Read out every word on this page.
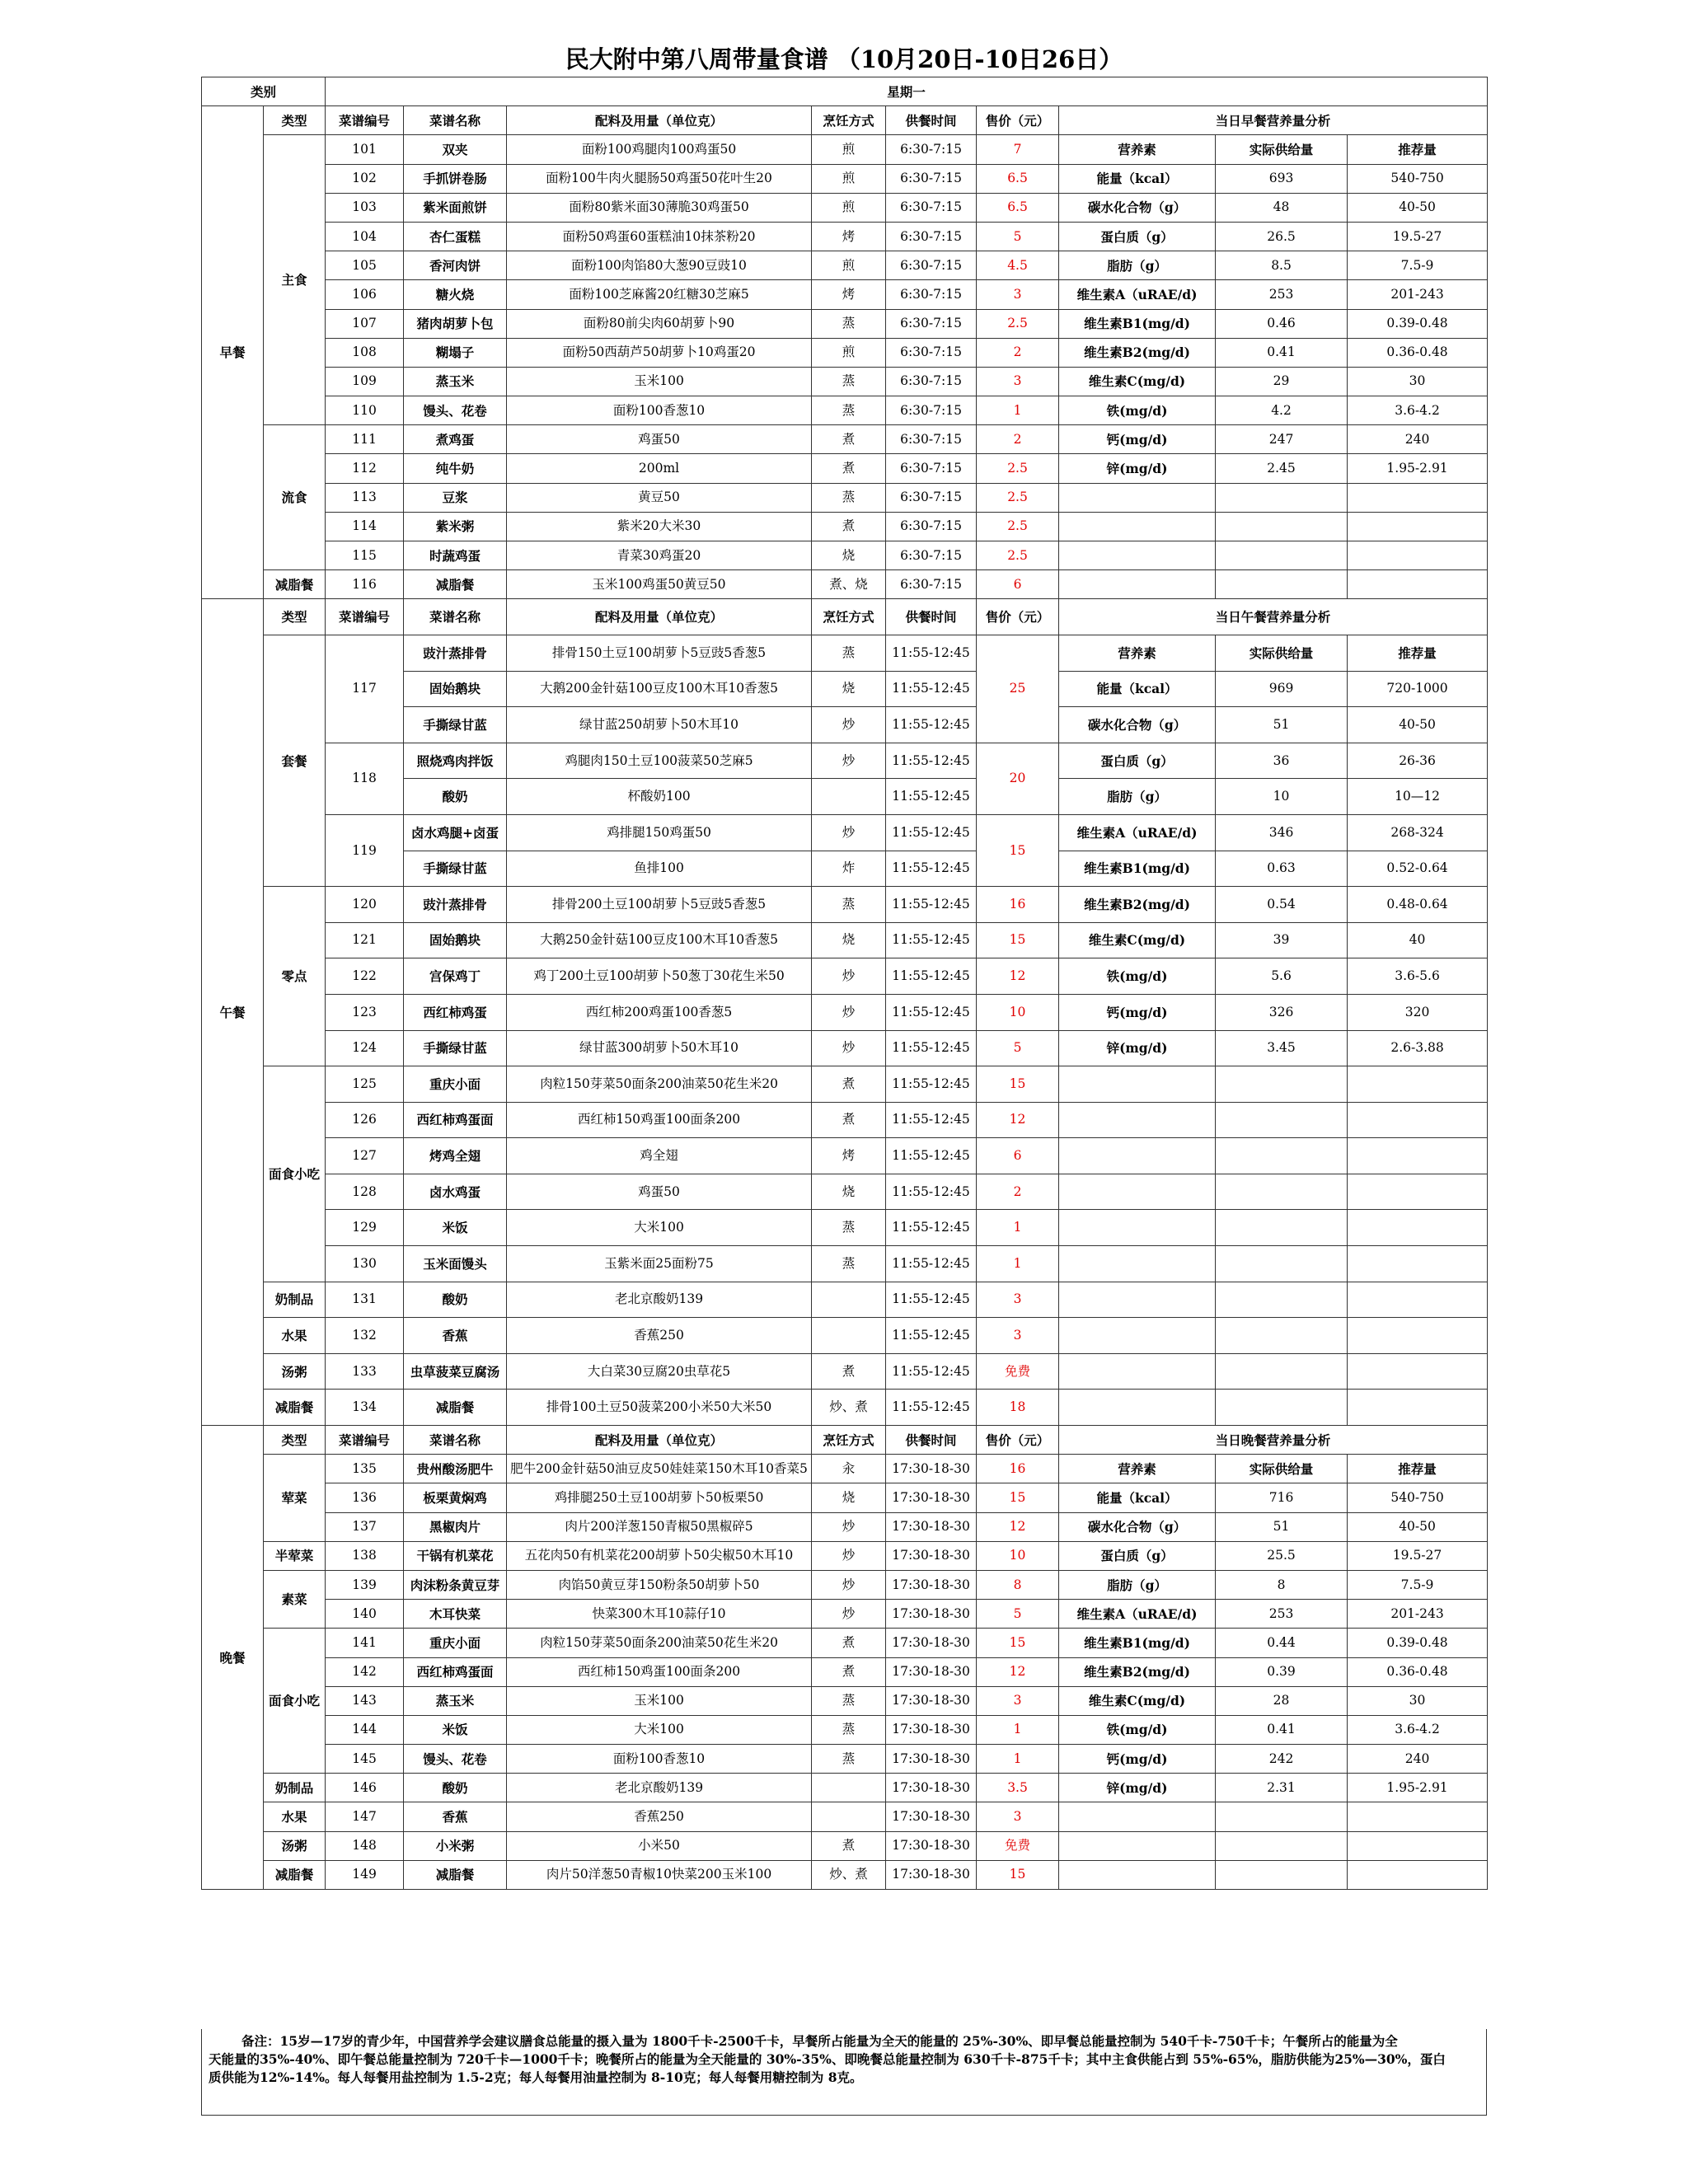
民大附中第八周带量食谱 （10月20日-10日26日）
类别		星期一								
早餐	类型	菜谱编号	菜谱名称	配料及用量（单位克）	烹饪方式	供餐时间	售价（元）	当日早餐营养量分析		
	主食	101	双夹	面粉100鸡腿肉100鸡蛋50	煎	6:30-7:15	7	营养素	实际供给量	推荐量
		102	手抓饼卷肠	面粉100牛肉火腿肠50鸡蛋50花叶生20	煎	6:30-7:15	6.5	能量（kcal）	693	540-750
		103	紫米面煎饼	面粉80紫米面30薄脆30鸡蛋50	煎	6:30-7:15	6.5	碳水化合物（g）	48	40-50
		104	杏仁蛋糕	面粉50鸡蛋60蛋糕油10抹茶粉20	烤	6:30-7:15	5	蛋白质（g）	26.5	19.5-27
		105	香河肉饼	面粉100肉馅80大葱90豆豉10	煎	6:30-7:15	4.5	脂肪（g）	8.5	7.5-9
		106	糖火烧	面粉100芝麻酱20红糖30芝麻5	烤	6:30-7:15	3	维生素A（uRAE/d)	253	201-243
		107	猪肉胡萝卜包	面粉80前尖肉60胡萝卜90	蒸	6:30-7:15	2.5	维生素B1(mg/d)	0.46	0.39-0.48
		108	糊塌子	面粉50西葫芦50胡萝卜10鸡蛋20	煎	6:30-7:15	2	维生素B2(mg/d)	0.41	0.36-0.48
		109	蒸玉米	玉米100	蒸	6:30-7:15	3	维生素C(mg/d)	29	30
		110	馒头、花卷	面粉100香葱10	蒸	6:30-7:15	1	铁(mg/d)	4.2	3.6-4.2
	流食	111	煮鸡蛋	鸡蛋50	煮	6:30-7:15	2	钙(mg/d)	247	240
		112	纯牛奶	200ml	煮	6:30-7:15	2.5	锌(mg/d)	2.45	1.95-2.91
		113	豆浆	黄豆50	蒸	6:30-7:15	2.5			
		114	紫米粥	紫米20大米30	煮	6:30-7:15	2.5			
		115	时蔬鸡蛋	青菜30鸡蛋20	烧	6:30-7:15	2.5			
	减脂餐	116	减脂餐	玉米100鸡蛋50黄豆50	煮、烧	6:30-7:15	6			
午餐	类型	菜谱编号	菜谱名称	配料及用量（单位克）	烹饪方式	供餐时间	售价（元）	当日午餐营养量分析		
	套餐	117	豉汁蒸排骨	排骨150土豆100胡萝卜5豆豉5香葱5	蒸	11:55-12:45	25	营养素	实际供给量	推荐量
			固始鹅块	大鹅200金针菇100豆皮100木耳10香葱5	烧	11:55-12:45		能量（kcal）	969	720-1000
			手撕绿甘蓝	绿甘蓝250胡萝卜50木耳10	炒	11:55-12:45		碳水化合物（g）	51	40-50
		118	照烧鸡肉拌饭	鸡腿肉150土豆100菠菜50芝麻5	炒	11:55-12:45	20	蛋白质（g）	36	26-36
			酸奶	杯酸奶100		11:55-12:45		脂肪（g）	10	10—12
		119	卤水鸡腿+卤蛋	鸡排腿150鸡蛋50	炒	11:55-12:45	15	维生素A（uRAE/d)	346	268-324
			手撕绿甘蓝	鱼排100	炸	11:55-12:45		维生素B1(mg/d)	0.63	0.52-0.64
	零点	120	豉汁蒸排骨	排骨200土豆100胡萝卜5豆豉5香葱5	蒸	11:55-12:45	16	维生素B2(mg/d)	0.54	0.48-0.64
		121	固始鹅块	大鹅250金针菇100豆皮100木耳10香葱5	烧	11:55-12:45	15	维生素C(mg/d)	39	40
		122	宫保鸡丁	鸡丁200土豆100胡萝卜50葱丁30花生米50	炒	11:55-12:45	12	铁(mg/d)	5.6	3.6-5.6
		123	西红柿鸡蛋	西红柿200鸡蛋100香葱5	炒	11:55-12:45	10	钙(mg/d)	326	320
		124	手撕绿甘蓝	绿甘蓝300胡萝卜50木耳10	炒	11:55-12:45	5	锌(mg/d)	3.45	2.6-3.88
	面食小吃	125	重庆小面	肉粒150芽菜50面条200油菜50花生米20	煮	11:55-12:45	15			
		126	西红柿鸡蛋面	西红柿150鸡蛋100面条200	煮	11:55-12:45	12			
		127	烤鸡全翅	鸡全翅	烤	11:55-12:45	6			
		128	卤水鸡蛋	鸡蛋50	烧	11:55-12:45	2			
		129	米饭	大米100	蒸	11:55-12:45	1			
		130	玉米面馒头	玉紫米面25面粉75	蒸	11:55-12:45	1			
	奶制品	131	酸奶	老北京酸奶139		11:55-12:45	3			
	水果	132	香蕉	香蕉250		11:55-12:45	3			
	汤粥	133	虫草菠菜豆腐汤	大白菜30豆腐20虫草花5	煮	11:55-12:45	免费			
	减脂餐	134	减脂餐	排骨100土豆50菠菜200小米50大米50	炒、煮	11:55-12:45	18			
晚餐	类型	菜谱编号	菜谱名称	配料及用量（单位克）	烹饪方式	供餐时间	售价（元）	当日晚餐营养量分析		
	荤菜	135	贵州酸汤肥牛	肥牛200金针菇50油豆皮50娃娃菜150木耳10香菜5	汆	17:30-18-30	16	营养素	实际供给量	推荐量
		136	板栗黄焖鸡	鸡排腿250土豆100胡萝卜50板栗50	烧	17:30-18-30	15	能量（kcal）	716	540-750
		137	黑椒肉片	肉片200洋葱150青椒50黑椒碎5	炒	17:30-18-30	12	碳水化合物（g）	51	40-50
	半荤菜	138	干锅有机菜花	五花肉50有机菜花200胡萝卜50尖椒50木耳10	炒	17:30-18-30	10	蛋白质（g）	25.5	19.5-27
	素菜	139	肉沫粉条黄豆芽	肉馅50黄豆芽150粉条50胡萝卜50	炒	17:30-18-30	8	脂肪（g）	8	7.5-9
		140	木耳快菜	快菜300木耳10蒜仔10	炒	17:30-18-30	5	维生素A（uRAE/d)	253	201-243
	面食小吃	141	重庆小面	肉粒150芽菜50面条200油菜50花生米20	煮	17:30-18-30	15	维生素B1(mg/d)	0.44	0.39-0.48
		142	西红柿鸡蛋面	西红柿150鸡蛋100面条200	煮	17:30-18-30	12	维生素B2(mg/d)	0.39	0.36-0.48
		143	蒸玉米	玉米100	蒸	17:30-18-30	3	维生素C(mg/d)	28	30
		144	米饭	大米100	蒸	17:30-18-30	1	铁(mg/d)	0.41	3.6-4.2
		145	馒头、花卷	面粉100香葱10	蒸	17:30-18-30	1	钙(mg/d)	242	240
	奶制品	146	酸奶	老北京酸奶139		17:30-18-30	3.5	锌(mg/d)	2.31	1.95-2.91
	水果	147	香蕉	香蕉250		17:30-18-30	3			
	汤粥	148	小米粥	小米50	煮	17:30-18-30	免费			
	减脂餐	149	减脂餐	肉片50洋葱50青椒10快菜200玉米100	炒、煮	17:30-18-30	15			
备注：15岁—17岁的青少年，中国营养学会建议膳食总能量的摄入量为 1800千卡-2500千卡，早餐所占能量为全天的能量的 25%-30%、即早餐总能量控制为 540千卡-750千卡；午餐所占的能量为全
天能量的35%-40%、即午餐总能量控制为 720千卡—1000千卡；晚餐所占的能量为全天能量的 30%-35%、即晚餐总能量控制为 630千卡-875千卡；其中主食供能占到 55%-65%，脂肪供能为25%—30%，蛋白
质供能为12%-14%。每人每餐用盐控制为 1.5-2克；每人每餐用油量控制为 8-10克；每人每餐用糖控制为 8克。
